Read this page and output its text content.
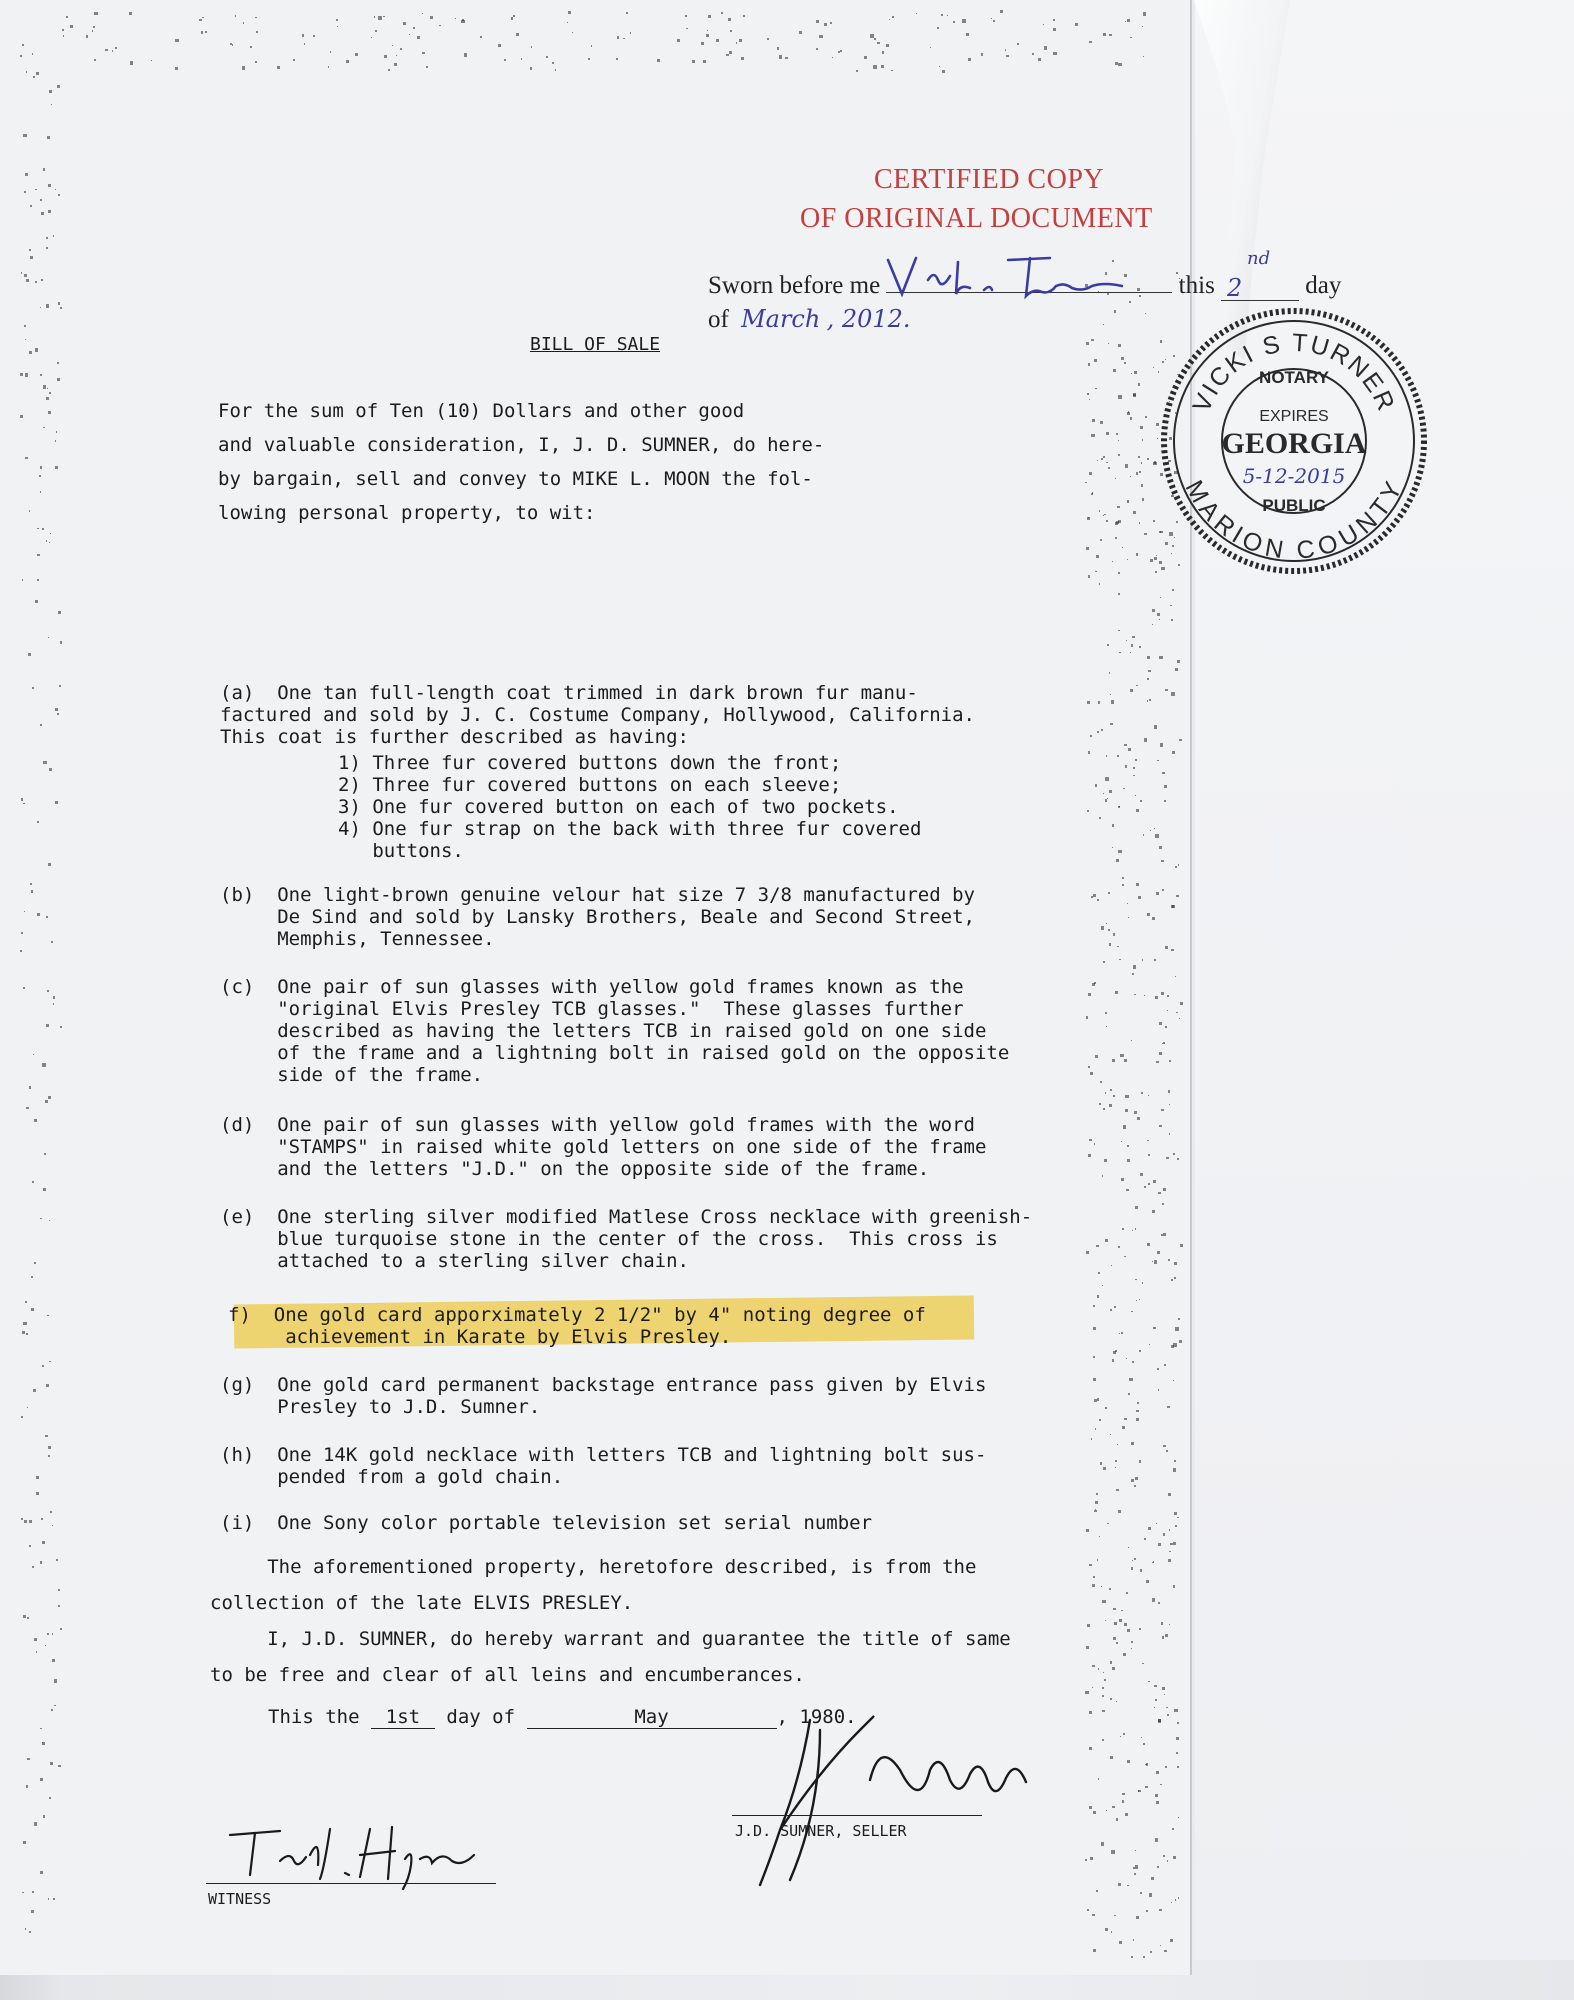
CERTIFIED COPY
OF ORIGINAL DOCUMENT
Sworn before me	this 2
nd
day
of March , 2012.
VICKI S TURNER
MARION COUNTY
NOTARY
EXPIRES
GEORGIA
5-12-2015
PUBLIC
BILL OF SALE
For the sum of Ten (10) Dollars and other good
and valuable consideration, I, J. D. SUMNER, do here-
by bargain, sell and convey to MIKE L. MOON the fol-
lowing personal property, to wit:
(a)  One tan full-length coat trimmed in dark brown fur manu-
factured and sold by J. C. Costume Company, Hollywood, California.
This coat is further described as having:
1) Three fur covered buttons down the front;
2) Three fur covered buttons on each sleeve;
3) One fur covered button on each of two pockets.
4) One fur strap on the back with three fur covered
buttons.
(b)  One light-brown genuine velour hat size 7 3/8 manufactured by
De Sind and sold by Lansky Brothers, Beale and Second Street,
Memphis, Tennessee.
(c)  One pair of sun glasses with yellow gold frames known as the
"original Elvis Presley TCB glasses."  These glasses further
described as having the letters TCB in raised gold on one side
of the frame and a lightning bolt in raised gold on the opposite
side of the frame.
(d)  One pair of sun glasses with yellow gold frames with the word
"STAMPS" in raised white gold letters on one side of the frame
and the letters "J.D." on the opposite side of the frame.
(e)  One sterling silver modified Matlese Cross necklace with greenish-
blue turquoise stone in the center of the cross.  This cross is
attached to a sterling silver chain.
f)  One gold card apporximately 2 1/2" by 4" noting degree of
achievement in Karate by Elvis Presley.
(g)  One gold card permanent backstage entrance pass given by Elvis
Presley to J.D. Sumner.
(h)  One 14K gold necklace with letters TCB and lightning bolt sus-
pended from a gold chain.
(i)  One Sony color portable television set serial number
The aforementioned property, heretofore described, is from the
collection of the late ELVIS PRESLEY.
I, J.D. SUMNER, do hereby warrant and guarantee the title of same
to be free and clear of all leins and encumberances.
This the 1st day of	May	, 1980.
J.D. SUMNER, SELLER
WITNESS
